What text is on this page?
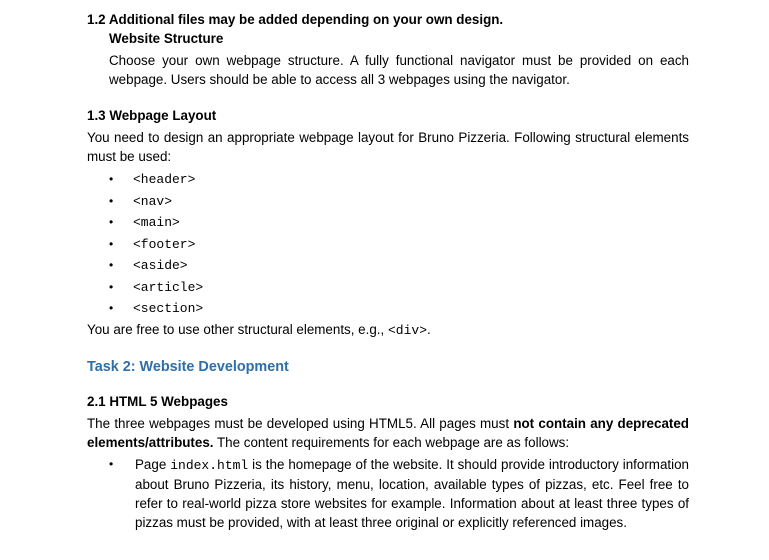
1.2 Additional files may be added depending on your own design.
Website Structure
Choose your own webpage structure. A fully functional navigator must be provided on each webpage. Users should be able to access all 3 webpages using the navigator.
1.3 Webpage Layout
You need to design an appropriate webpage layout for Bruno Pizzeria. Following structural elements must be used:
• <header>
• <nav>
• <main>
• <footer>
• <aside>
• <article>
• <section>
You are free to use other structural elements, e.g., <div>.
Task 2: Website Development
2.1 HTML 5 Webpages
The three webpages must be developed using HTML5. All pages must not contain any deprecated elements/attributes. The content requirements for each webpage are as follows:
• Page index.html is the homepage of the website. It should provide introductory information about Bruno Pizzeria, its history, menu, location, available types of pizzas, etc. Feel free to refer to real-world pizza store websites for example. Information about at least three types of pizzas must be provided, with at least three original or explicitly referenced images.
